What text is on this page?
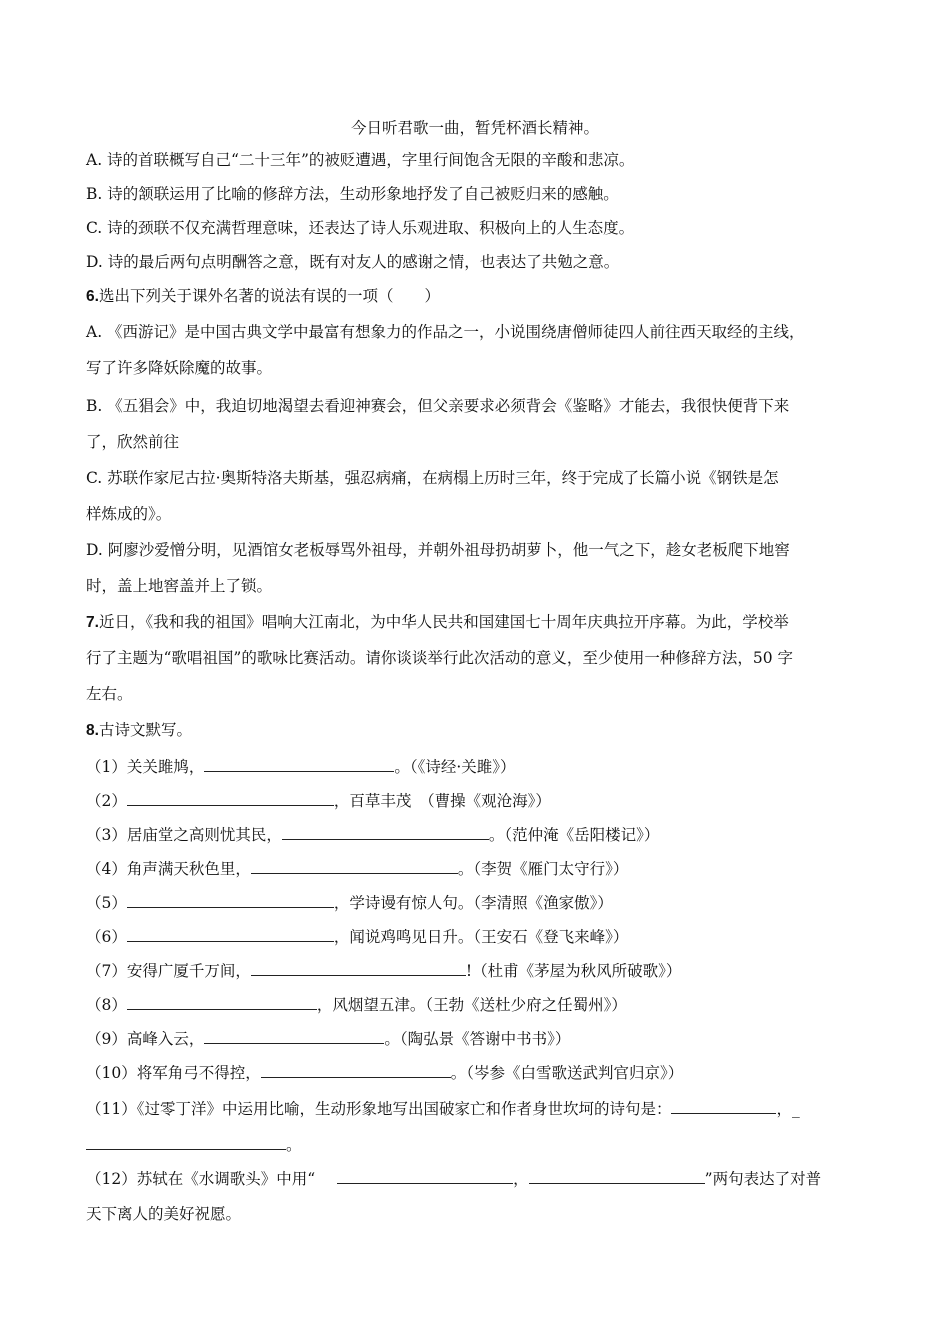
今日听君歌一曲，暂凭杯酒长精神。
A. 诗的首联概写自己“二十三年”的被贬遭遇，字里行间饱含无限的辛酸和悲凉。
B. 诗的颔联运用了比喻的修辞方法，生动形象地抒发了自己被贬归来的感触。
C. 诗的颈联不仅充满哲理意味，还表达了诗人乐观进取、积极向上的人生态度。
D. 诗的最后两句点明酬答之意，既有对友人的感谢之情，也表达了共勉之意。
6.选出下列关于课外名著的说法有误的一项（　　）
A. 《西游记》是中国古典文学中最富有想象力的作品之一，小说围绕唐僧师徒四人前往西天取经的主线，
写了许多降妖除魔的故事。
B. 《五猖会》中，我迫切地渴望去看迎神赛会，但父亲要求必须背会《鉴略》才能去，我很快便背下来
了，欣然前往
C. 苏联作家尼古拉·奥斯特洛夫斯基，强忍病痛，在病榻上历时三年，终于完成了长篇小说《钢铁是怎
样炼成的》。
D. 阿廖沙爱憎分明，见酒馆女老板辱骂外祖母，并朝外祖母扔胡萝卜，他一气之下，趁女老板爬下地窖
时，盖上地窖盖并上了锁。
7.近日，《我和我的祖国》唱响大江南北，为中华人民共和国建国七十周年庆典拉开序幕。为此，学校举
行了主题为“歌唱祖国”的歌咏比赛活动。请你谈谈举行此次活动的意义，至少使用一种修辞方法，50 字
左右。
8.古诗文默写。
（1）关关雎鸠，	。（《诗经·关雎》）
（2）	，百草丰茂　（曹操《观沧海》）
（3）居庙堂之高则忧其民，	。（范仲淹《岳阳楼记》）
（4）角声满天秋色里，	。（李贺《雁门太守行》）
（5）	，学诗谩有惊人句。（李清照《渔家傲》）
（6）	，闻说鸡鸣见日升。（王安石《登飞来峰》）
（7）安得广厦千万间，	!（杜甫《茅屋为秋风所破歌》）
（8）	，风烟望五津。（王勃《送杜少府之任蜀州》）
（9）高峰入云，	。（陶弘景《答谢中书书》）
（10）将军角弓不得控，	。（岑参《白雪歌送武判官归京》）
（11）《过零丁洋》中运用比喻，生动形象地写出国破家亡和作者身世坎坷的诗句是：	，_
。
（12）苏轼在《水调歌头》中用“	，	”两句表达了对普
天下离人的美好祝愿。
